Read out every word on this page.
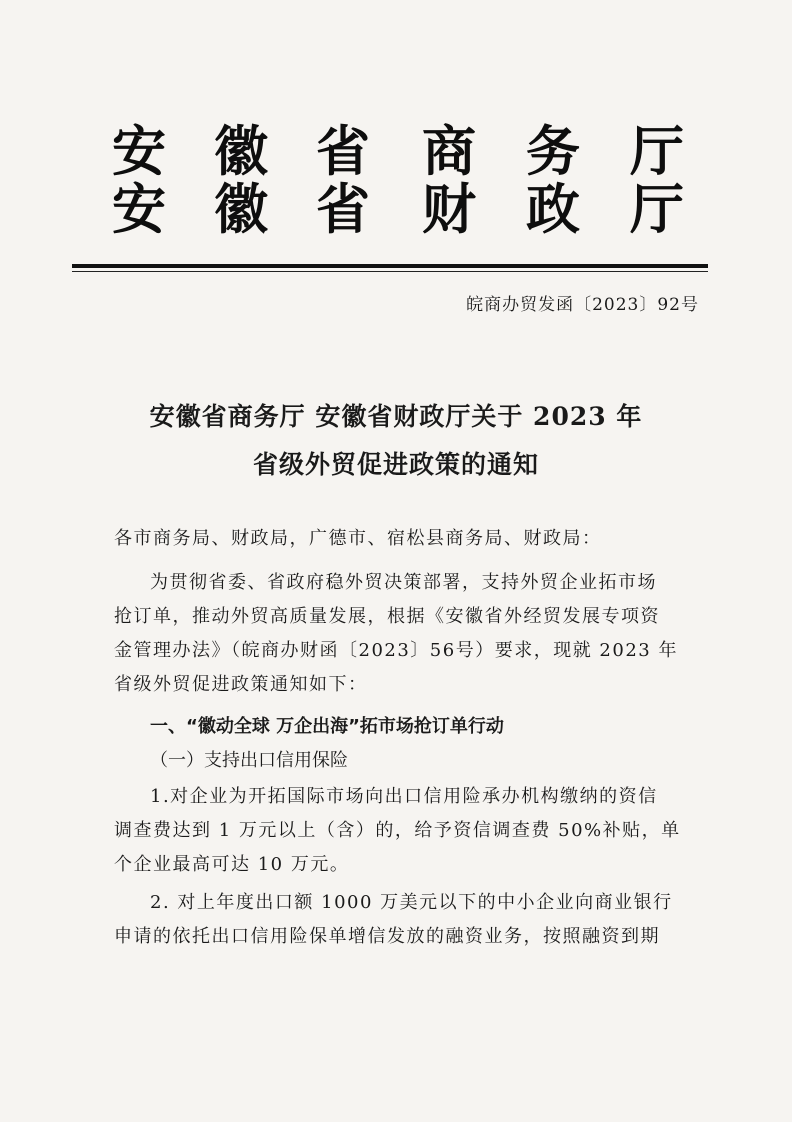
安 徽 省 商 务 厅
安 徽 省 财 政 厅
皖商办贸发函〔2023〕92号
安徽省商务厅 安徽省财政厅关于 2023 年
省级外贸促进政策的通知
各市商务局、财政局，广德市、宿松县商务局、财政局：
为贯彻省委、省政府稳外贸决策部署，支持外贸企业拓市场
抢订单，推动外贸高质量发展，根据《安徽省外经贸发展专项资
金管理办法》（皖商办财函〔2023〕56号）要求，现就 2023 年
省级外贸促进政策通知如下：
一、“徽动全球 万企出海”拓市场抢订单行动
（一）支持出口信用保险
1.对企业为开拓国际市场向出口信用险承办机构缴纳的资信
调查费达到 1 万元以上（含）的，给予资信调查费 50%补贴，单
个企业最高可达 10 万元。
2. 对上年度出口额 1000 万美元以下的中小企业向商业银行
申请的依托出口信用险保单增信发放的融资业务，按照融资到期
